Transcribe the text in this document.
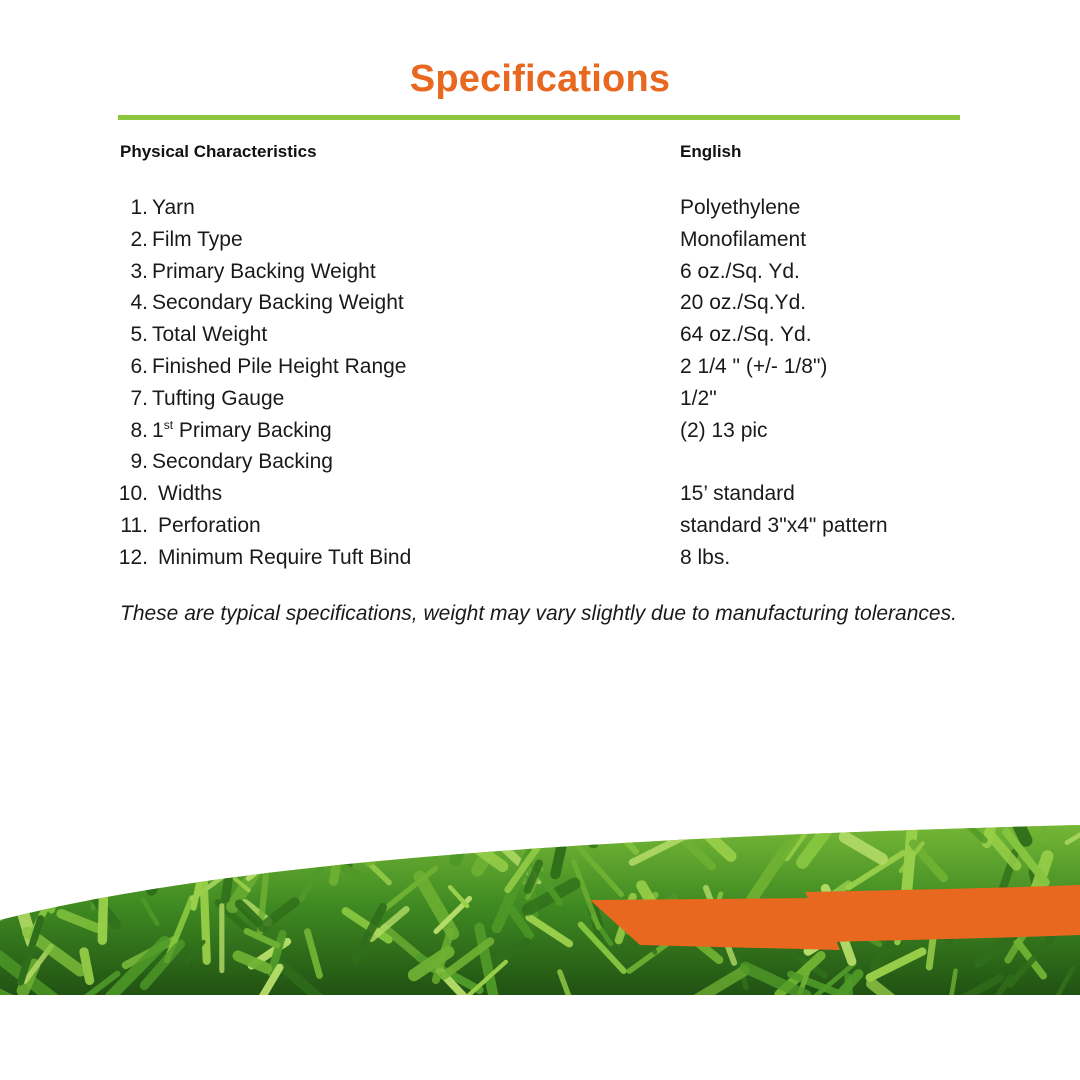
Specifications
Physical Characteristics	English
1. Yarn	Polyethylene
2. Film Type	Monofilament
3. Primary Backing Weight	6 oz./Sq. Yd.
4. Secondary Backing Weight	20 oz./Sq.Yd.
5. Total Weight	64 oz./Sq. Yd.
6. Finished Pile Height Range	2 1/4 " (+/- 1/8")
7. Tufting Gauge	1/2"
8. 1st Primary Backing	(2) 13 pic
9. Secondary Backing
10. Widths	15’ standard
11. Perforation	standard 3"x4" pattern
12. Minimum Require Tuft Bind	8 lbs.
These are typical specifications, weight may vary slightly due to manufacturing tolerances.
